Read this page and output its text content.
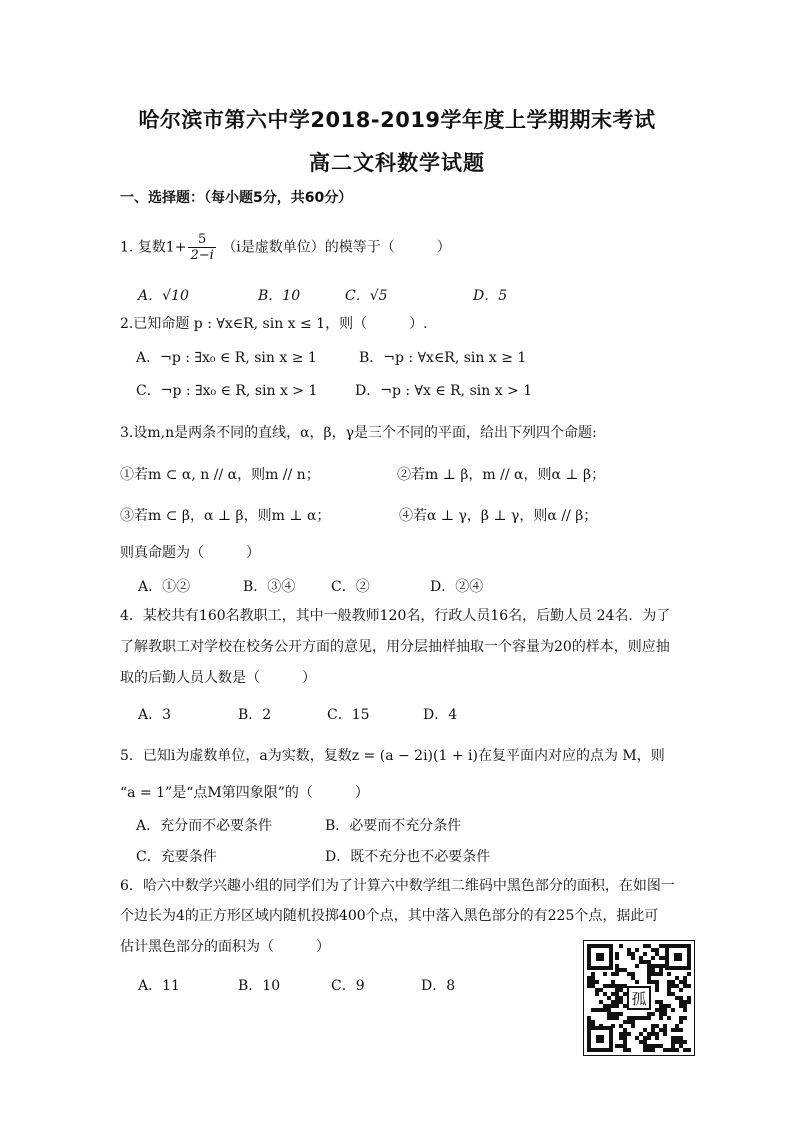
哈尔滨市第六中学2018-2019学年度上学期期末考试
高二文科数学试题
一、选择题：（每小题5分，共60分）
1. 复数$1+ \frac{5}{2-i} (i$是虚数单位）的模等于（　　　）
A．√10	B．10	C．√5	D．5
2.已知命题 p : ∀x∈R, sin x ≤ 1，则（　　　）.
A．¬p : ∃x₀ ∈ R, sin x ≥ 1	B．¬p : ∀x∈R, sin x ≥ 1
C．¬p : ∃x₀ ∈ R, sin x > 1	D．¬p : ∀x ∈ R, sin x > 1
3.设m,n是两条不同的直线，α，β，γ是三个不同的平面，给出下列四个命题:
①若m ⊂ α, n // α，则m // n；	②若m ⊥ β，m // α，则α ⊥ β；
③若m ⊂ β，α ⊥ β，则m ⊥ α；	④若α ⊥ γ，β ⊥ γ，则α // β；
则真命题为（　　　）
A．①②	B．③④	C．②	D．②④
4．某校共有160名教职工，其中一般教师120名，行政人员16名，后勤人员 24名．为了
了解教职工对学校在校务公开方面的意见，用分层抽样抽取一个容量为20的样本，则应抽
取的后勤人员人数是（　　　）
A．3	B．2	C．15	D．4
5．已知i为虚数单位，a为实数，复数z = (a − 2i)(1 + i)在复平面内对应的点为 M，则
“a = 1”是“点M第四象限”的（　　　）
A．充分而不必要条件	B．必要而不充分条件
C．充要条件	D．既不充分也不必要条件
6．哈六中数学兴趣小组的同学们为了计算六中数学组二维码中黑色部分的面积，在如图一
个边长为4的正方形区域内随机投掷400个点，其中落入黑色部分的有225个点，据此可
估计黑色部分的面积为（　　　）
A．11	B．10	C．9	D．8
孤
